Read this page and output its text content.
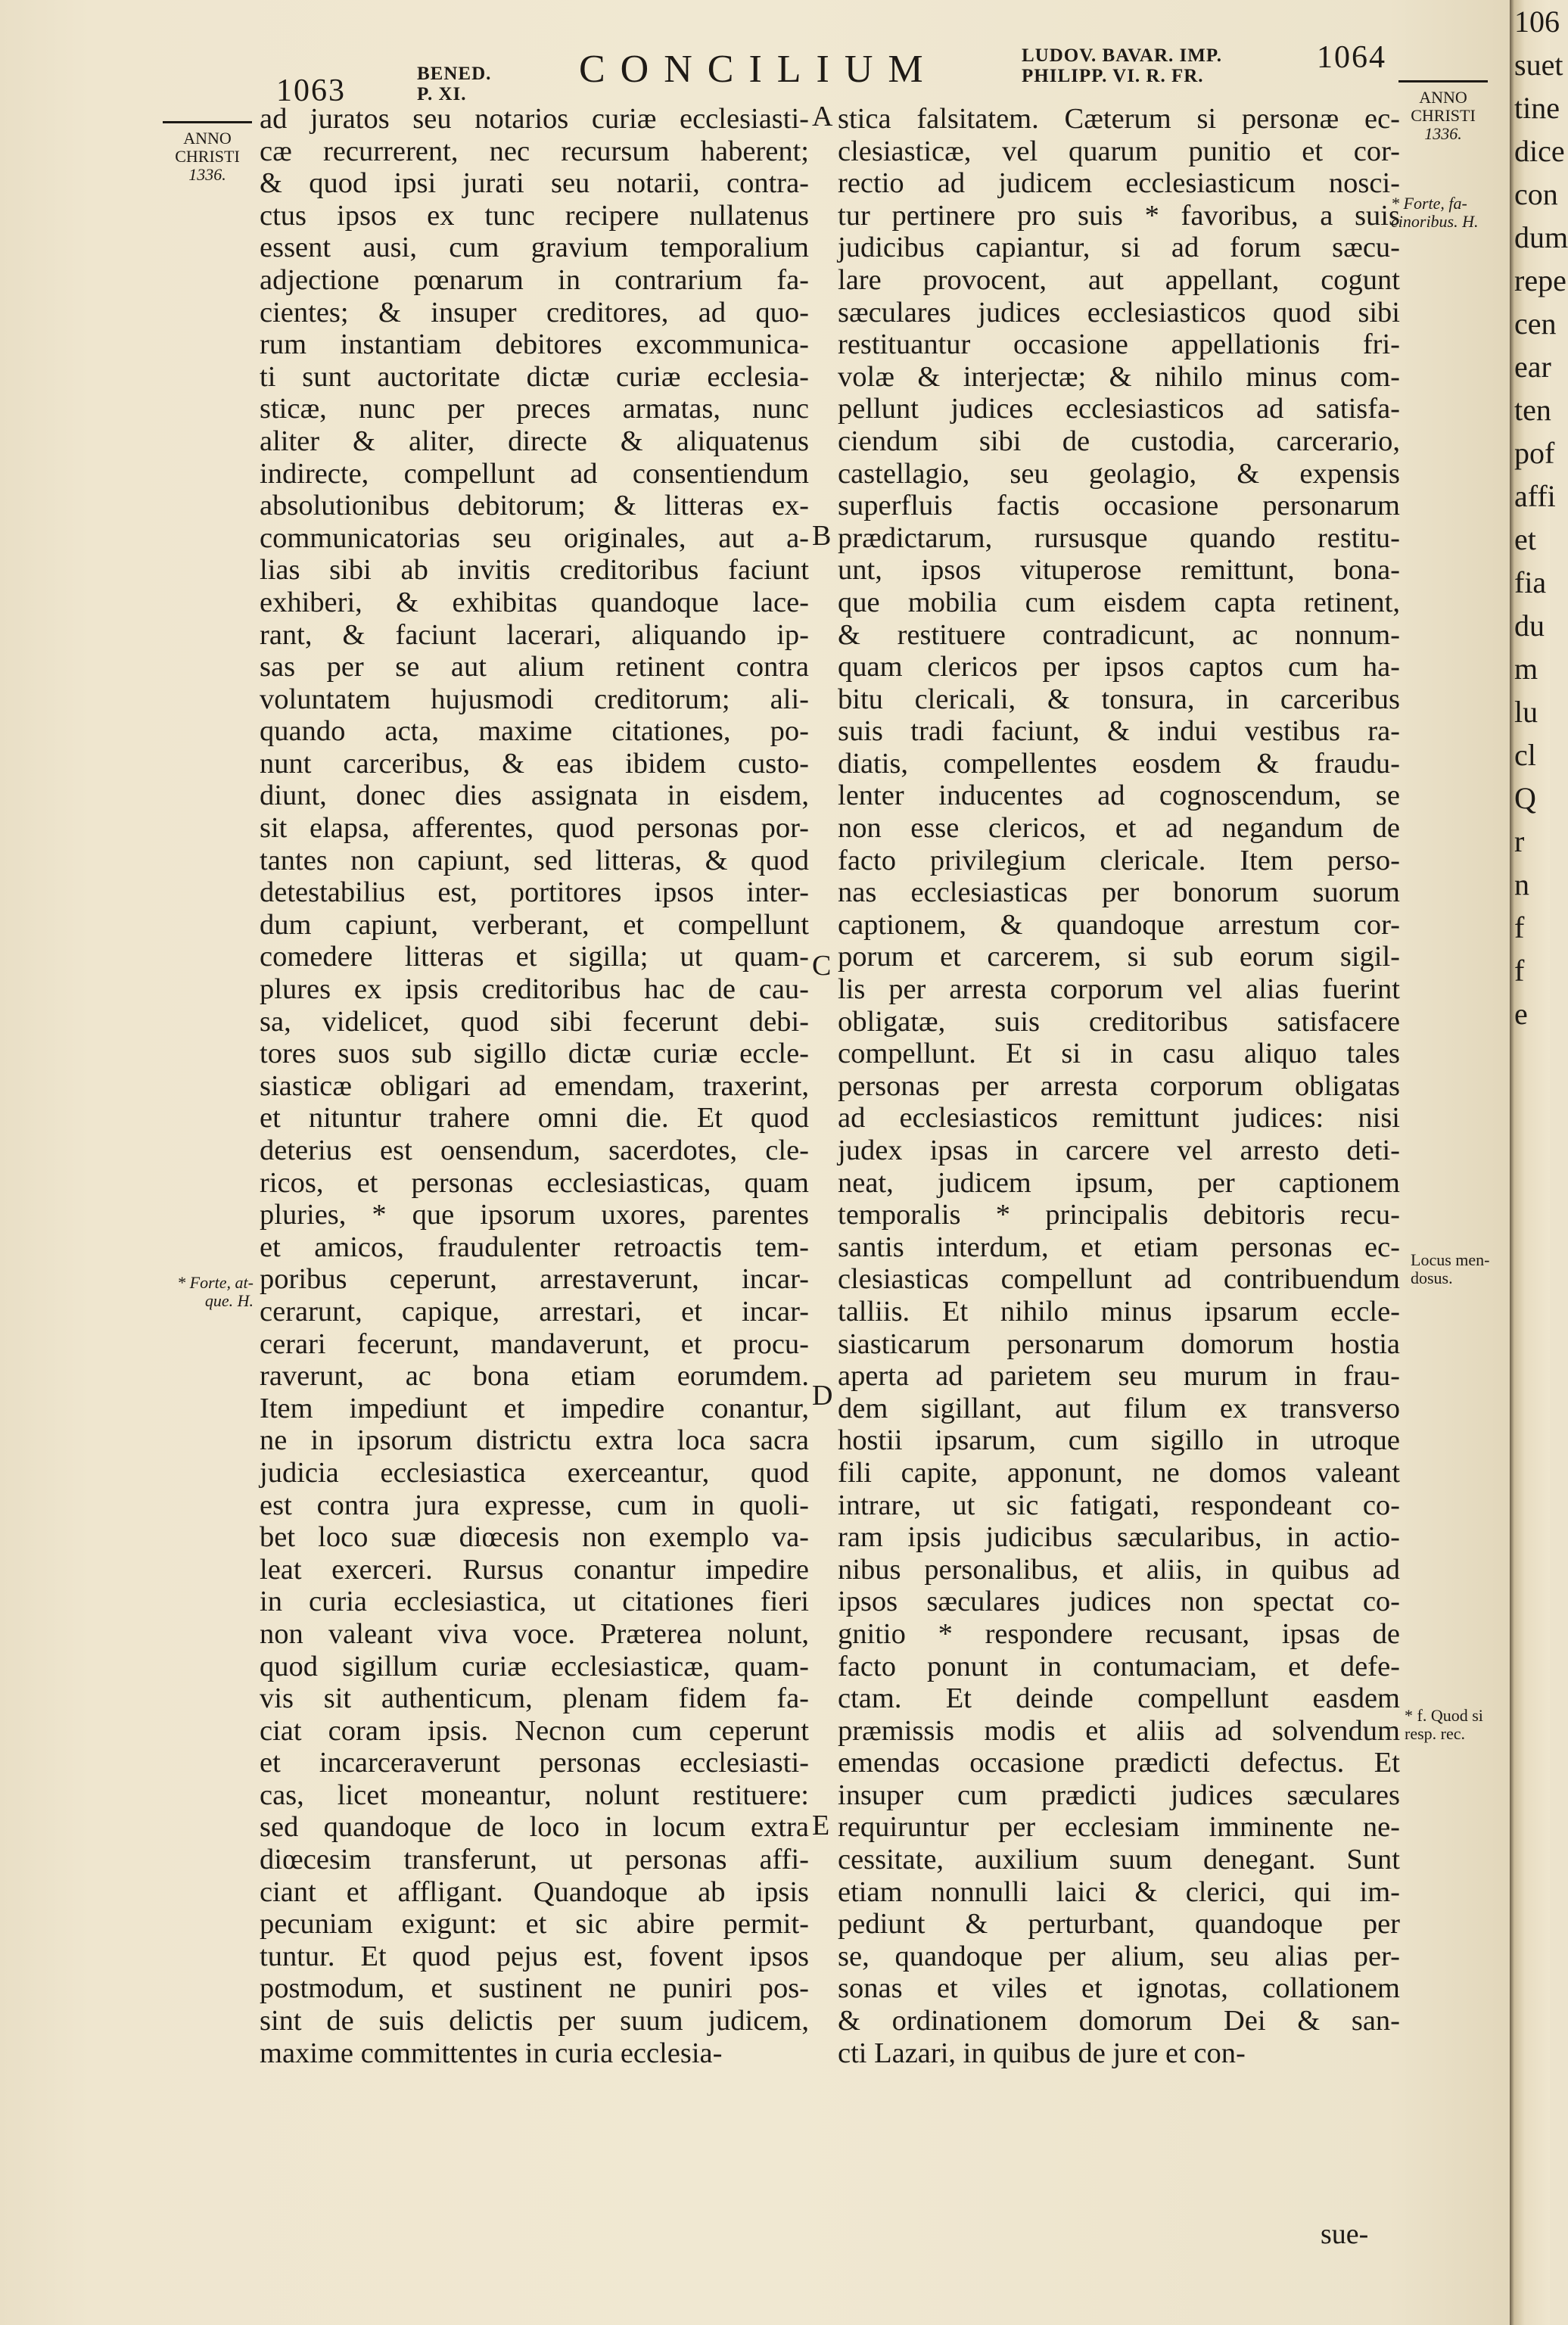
1063	BENED.
P. XI.
CONCILIUM	LUDOV. BAVAR. IMP.
PHILIPP. VI. R. FR.
1064
ANNO
CHRISTI
1336.
ANNO
CHRISTI
1336.
* Forte, at-
que. H.
* Forte, fa-
cinoribus. H.
Locus men-
dosus.
* f. Quod si
resp. rec.
A
B
C
D
E
ad juratos seu notarios curiæ ecclesiasti-
cæ recurrerent, nec recursum haberent;
& quod ipsi jurati seu notarii, contra-
ctus ipsos ex tunc recipere nullatenus
essent ausi, cum gravium temporalium
adjectione pœnarum in contrarium fa-
cientes; & insuper creditores, ad quo-
rum instantiam debitores excommunica-
ti sunt auctoritate dictæ curiæ ecclesia-
sticæ, nunc per preces armatas, nunc
aliter & aliter, directe & aliquatenus
indirecte, compellunt ad consentiendum
absolutionibus debitorum; & litteras ex-
communicatorias seu originales, aut a-
lias sibi ab invitis creditoribus faciunt
exhiberi, & exhibitas quandoque lace-
rant, & faciunt lacerari, aliquando ip-
sas per se aut alium retinent contra
voluntatem hujusmodi creditorum; ali-
quando acta, maxime citationes, po-
nunt carceribus, & eas ibidem custo-
diunt, donec dies assignata in eisdem,
sit elapsa, afferentes, quod personas por-
tantes non capiunt, sed litteras, & quod
detestabilius est, portitores ipsos inter-
dum capiunt, verberant, et compellunt
comedere litteras et sigilla; ut quam-
plures ex ipsis creditoribus hac de cau-
sa, videlicet, quod sibi fecerunt debi-
tores suos sub sigillo dictæ curiæ eccle-
siasticæ obligari ad emendam, traxerint,
et nituntur trahere omni die. Et quod
deterius est oensendum, sacerdotes, cle-
ricos, et personas ecclesiasticas, quam
pluries, * que ipsorum uxores, parentes
et amicos, fraudulenter retroactis tem-
poribus ceperunt, arrestaverunt, incar-
cerarunt, capique, arrestari, et incar-
cerari fecerunt, mandaverunt, et procu-
raverunt, ac bona etiam eorumdem.
Item impediunt et impedire conantur,
ne in ipsorum districtu extra loca sacra
judicia ecclesiastica exerceantur, quod
est contra jura expresse, cum in quoli-
bet loco suæ diœcesis non exemplo va-
leat exerceri. Rursus conantur impedire
in curia ecclesiastica, ut citationes fieri
non valeant viva voce. Præterea nolunt,
quod sigillum curiæ ecclesiasticæ, quam-
vis sit authenticum, plenam fidem fa-
ciat coram ipsis. Necnon cum ceperunt
et incarceraverunt personas ecclesiasti-
cas, licet moneantur, nolunt restituere:
sed quandoque de loco in locum extra
diœcesim transferunt, ut personas affi-
ciant et affligant. Quandoque ab ipsis
pecuniam exigunt: et sic abire permit-
tuntur. Et quod pejus est, fovent ipsos
postmodum, et sustinent ne puniri pos-
sint de suis delictis per suum judicem,
maxime committentes in curia ecclesia-
stica falsitatem. Cæterum si personæ ec-
clesiasticæ, vel quarum punitio et cor-
rectio ad judicem ecclesiasticum nosci-
tur pertinere pro suis * favoribus, a suis
judicibus capiantur, si ad forum sæcu-
lare provocent, aut appellant, cogunt
sæculares judices ecclesiasticos quod sibi
restituantur occasione appellationis fri-
volæ & interjectæ; & nihilo minus com-
pellunt judices ecclesiasticos ad satisfa-
ciendum sibi de custodia, carcerario,
castellagio, seu geolagio, & expensis
superfluis factis occasione personarum
prædictarum, rursusque quando restitu-
unt, ipsos vituperose remittunt, bona-
que mobilia cum eisdem capta retinent,
& restituere contradicunt, ac nonnum-
quam clericos per ipsos captos cum ha-
bitu clericali, & tonsura, in carceribus
suis tradi faciunt, & indui vestibus ra-
diatis, compellentes eosdem & fraudu-
lenter inducentes ad cognoscendum, se
non esse clericos, et ad negandum de
facto privilegium clericale. Item perso-
nas ecclesiasticas per bonorum suorum
captionem, & quandoque arrestum cor-
porum et carcerem, si sub eorum sigil-
lis per arresta corporum vel alias fuerint
obligatæ, suis creditoribus satisfacere
compellunt. Et si in casu aliquo tales
personas per arresta corporum obligatas
ad ecclesiasticos remittunt judices: nisi
judex ipsas in carcere vel arresto deti-
neat, judicem ipsum, per captionem
temporalis * principalis debitoris recu-
santis interdum, et etiam personas ec-
clesiasticas compellunt ad contribuendum
talliis. Et nihilo minus ipsarum eccle-
siasticarum personarum domorum hostia
aperta ad parietem seu murum in frau-
dem sigillant, aut filum ex transverso
hostii ipsarum, cum sigillo in utroque
fili capite, apponunt, ne domos valeant
intrare, ut sic fatigati, respondeant co-
ram ipsis judicibus sæcularibus, in actio-
nibus personalibus, et aliis, in quibus ad
ipsos sæculares judices non spectat co-
gnitio * respondere recusant, ipsas de
facto ponunt in contumaciam, et defe-
ctam. Et deinde compellunt easdem
præmissis modis et aliis ad solvendum
emendas occasione prædicti defectus. Et
insuper cum prædicti judices sæculares
requiruntur per ecclesiam imminente ne-
cessitate, auxilium suum denegant. Sunt
etiam nonnulli laici & clerici, qui im-
pediunt & perturbant, quandoque per
se, quandoque per alium, seu alias per-
sonas et viles et ignotas, collationem
& ordinationem domorum Dei & san-
cti Lazari, in quibus de jure et con-
sue-
106
suet
tine
dice
con
dum
repe
cen
ear
ten
pof
affi
et
fia
du
m
lu
cl
Q
r
n
f
f
e
